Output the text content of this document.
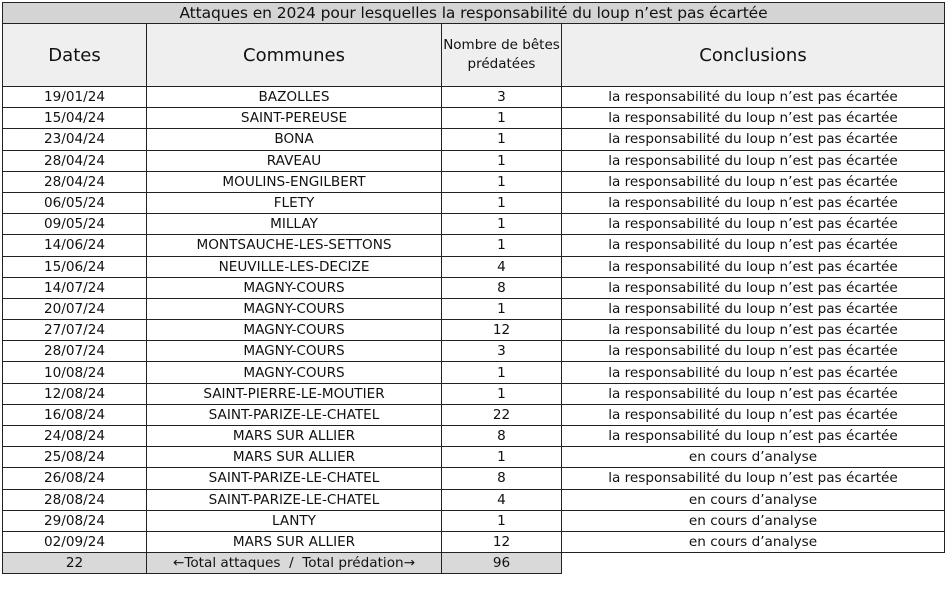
Attaques en 2024 pour lesquelles la responsabilité du loup n’est pas écartée			
Dates	Communes	Nombre de bêtes prédatées	Conclusions
19/01/24	BAZOLLES	3	la responsabilité du loup n’est pas écartée
15/04/24	SAINT-PEREUSE	1	la responsabilité du loup n’est pas écartée
23/04/24	BONA	1	la responsabilité du loup n’est pas écartée
28/04/24	RAVEAU	1	la responsabilité du loup n’est pas écartée
28/04/24	MOULINS-ENGILBERT	1	la responsabilité du loup n’est pas écartée
06/05/24	FLETY	1	la responsabilité du loup n’est pas écartée
09/05/24	MILLAY	1	la responsabilité du loup n’est pas écartée
14/06/24	MONTSAUCHE-LES-SETTONS	1	la responsabilité du loup n’est pas écartée
15/06/24	NEUVILLE-LES-DECIZE	4	la responsabilité du loup n’est pas écartée
14/07/24	MAGNY-COURS	8	la responsabilité du loup n’est pas écartée
20/07/24	MAGNY-COURS	1	la responsabilité du loup n’est pas écartée
27/07/24	MAGNY-COURS	12	la responsabilité du loup n’est pas écartée
28/07/24	MAGNY-COURS	3	la responsabilité du loup n’est pas écartée
10/08/24	MAGNY-COURS	1	la responsabilité du loup n’est pas écartée
12/08/24	SAINT-PIERRE-LE-MOUTIER	1	la responsabilité du loup n’est pas écartée
16/08/24	SAINT-PARIZE-LE-CHATEL	22	la responsabilité du loup n’est pas écartée
24/08/24	MARS SUR ALLIER	8	la responsabilité du loup n’est pas écartée
25/08/24	MARS SUR ALLIER	1	en cours d’analyse
26/08/24	SAINT-PARIZE-LE-CHATEL	8	la responsabilité du loup n’est pas écartée
28/08/24	SAINT-PARIZE-LE-CHATEL	4	en cours d’analyse
29/08/24	LANTY	1	en cours d’analyse
02/09/24	MARS SUR ALLIER	12	en cours d’analyse
22	←Total attaques  /  Total prédation→	96	
